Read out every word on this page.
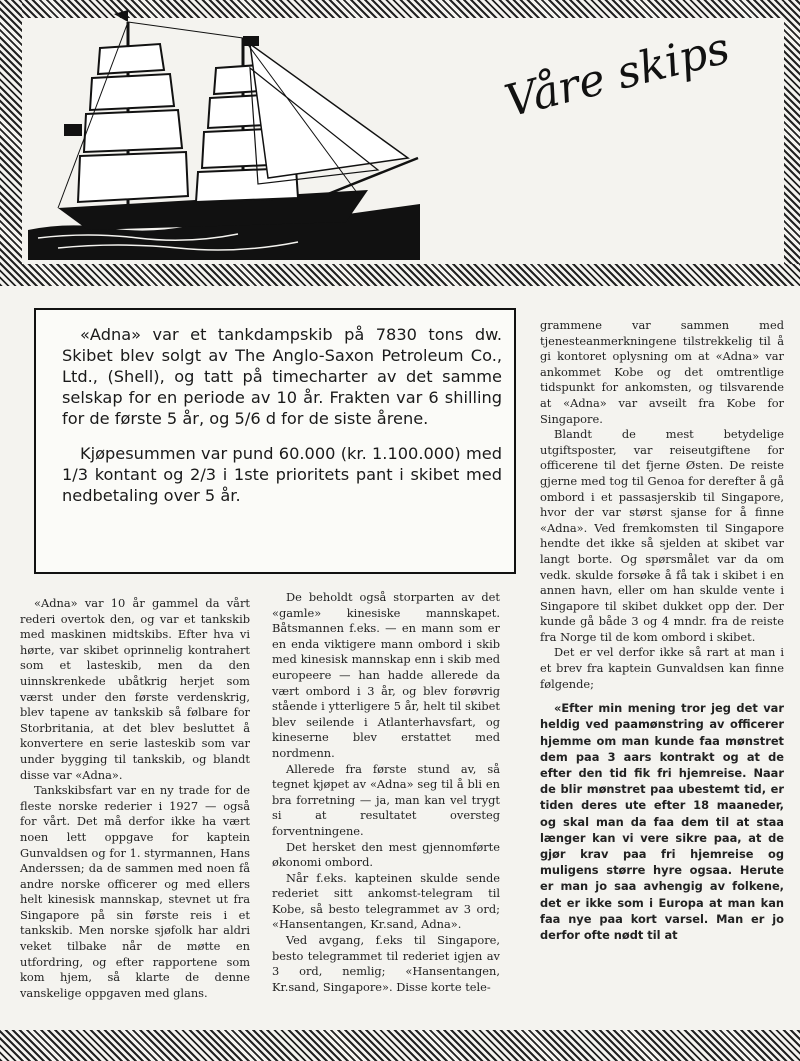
Våre skips

«Adna» var et tankdampskib på 7830 tons dw. Skibet blev solgt av The Anglo-Saxon Petroleum Co., Ltd., (Shell), og tatt på timecharter av det samme selskap for en periode av 10 år. Frakten var 6 shilling for de første 5 år, og 5/6 d for de siste årene.

Kjøpesummen var pund 60.000 (kr. 1.100.000) med 1/3 kontant og 2/3 i 1ste prioritets pant i skibet med nedbetaling over 5 år.

«Adna» var 10 år gammel da vårt rederi overtok den, og var et tankskib med maskinen midtskibs. Efter hva vi hørte, var skibet oprinnelig kontrahert som et lasteskib, men da den uinnskrenkede ubåtkrig herjet som værst under den første verdenskrig, blev tapene av tankskib så følbare for Storbritania, at det blev besluttet å konvertere en serie lasteskib som var under bygging til tankskib, og blandt disse var «Adna».

Tankskibsfart var en ny trade for de fleste norske rederier i 1927 — også for vårt. Det må derfor ikke ha vært noen lett oppgave for kaptein Gunvaldsen og for 1. styrmannen, Hans Anderssen; da de sammen med noen få andre norske officerer og med ellers helt kinesisk mannskap, stevnet ut fra Singapore på sin første reis i et tankskib. Men norske sjøfolk har aldri veket tilbake når de møtte en utfordring, og efter rapportene som kom hjem, så klarte de denne vanskelige oppgaven med glans.

De beholdt også storparten av det «gamle» kinesiske mannskapet. Båtsmannen f.eks. — en mann som er en enda viktigere mann ombord i skib med kinesisk mannskap enn i skib med europeere — han hadde allerede da vært ombord i 3 år, og blev forøvrig stående i ytterligere 5 år, helt til skibet blev seilende i Atlanterhavsfart, og kineserne blev erstattet med nordmenn.

Allerede fra første stund av, så tegnet kjøpet av «Adna» seg til å bli en bra forretning — ja, man kan vel trygt si at resultatet oversteg forventningene.

Det hersket den mest gjennomførte økonomi ombord.

Når f.eks. kapteinen skulde sende rederiet sitt ankomst-telegram til Kobe, så besto telegrammet av 3 ord; «Hansentangen, Kr.sand, Adna».

Ved avgang, f.eks til Singapore, besto telegrammet til rederiet igjen av 3 ord, nemlig; «Hansentangen, Kr.sand, Singapore». Disse korte tele-

grammene var sammen med tjenesteanmerkningene tilstrekkelig til å gi kontoret oplysning om at «Adna» var ankommet Kobe og det omtrentlige tidspunkt for ankomsten, og tilsvarende at «Adna» var avseilt fra Kobe for Singapore.

Blandt de mest betydelige utgiftsposter, var reiseutgiftene for officerene til det fjerne Østen. De reiste gjerne med tog til Genoa for derefter å gå ombord i et passasjerskib til Singapore, hvor der var størst sjanse for å finne «Adna». Ved fremkomsten til Singapore hendte det ikke så sjelden at skibet var langt borte. Og spørsmålet var da om vedk. skulde forsøke å få tak i skibet i en annen havn, eller om han skulde vente i Singapore til skibet dukket opp der. Der kunde gå både 3 og 4 mndr. fra de reiste fra Norge til de kom ombord i skibet.

Det er vel derfor ikke så rart at man i et brev fra kaptein Gunvaldsen kan finne følgende;

«Efter min mening tror jeg det var heldig ved paamønstring av officerer hjemme om man kunde faa mønstret dem paa 3 aars kontrakt og at de efter den tid fik fri hjemreise. Naar de blir mønstret paa ubestemt tid, er tiden deres ute efter 18 maaneder, og skal man da faa dem til at staa længer kan vi vere sikre paa, at de gjør krav paa fri hjemreise og muligens større hyre ogsaa. Herute er man jo saa avhengig av folkene, det er ikke som i Europa at man kan faa nye paa kort varsel. Man er jo derfor ofte nødt til at
